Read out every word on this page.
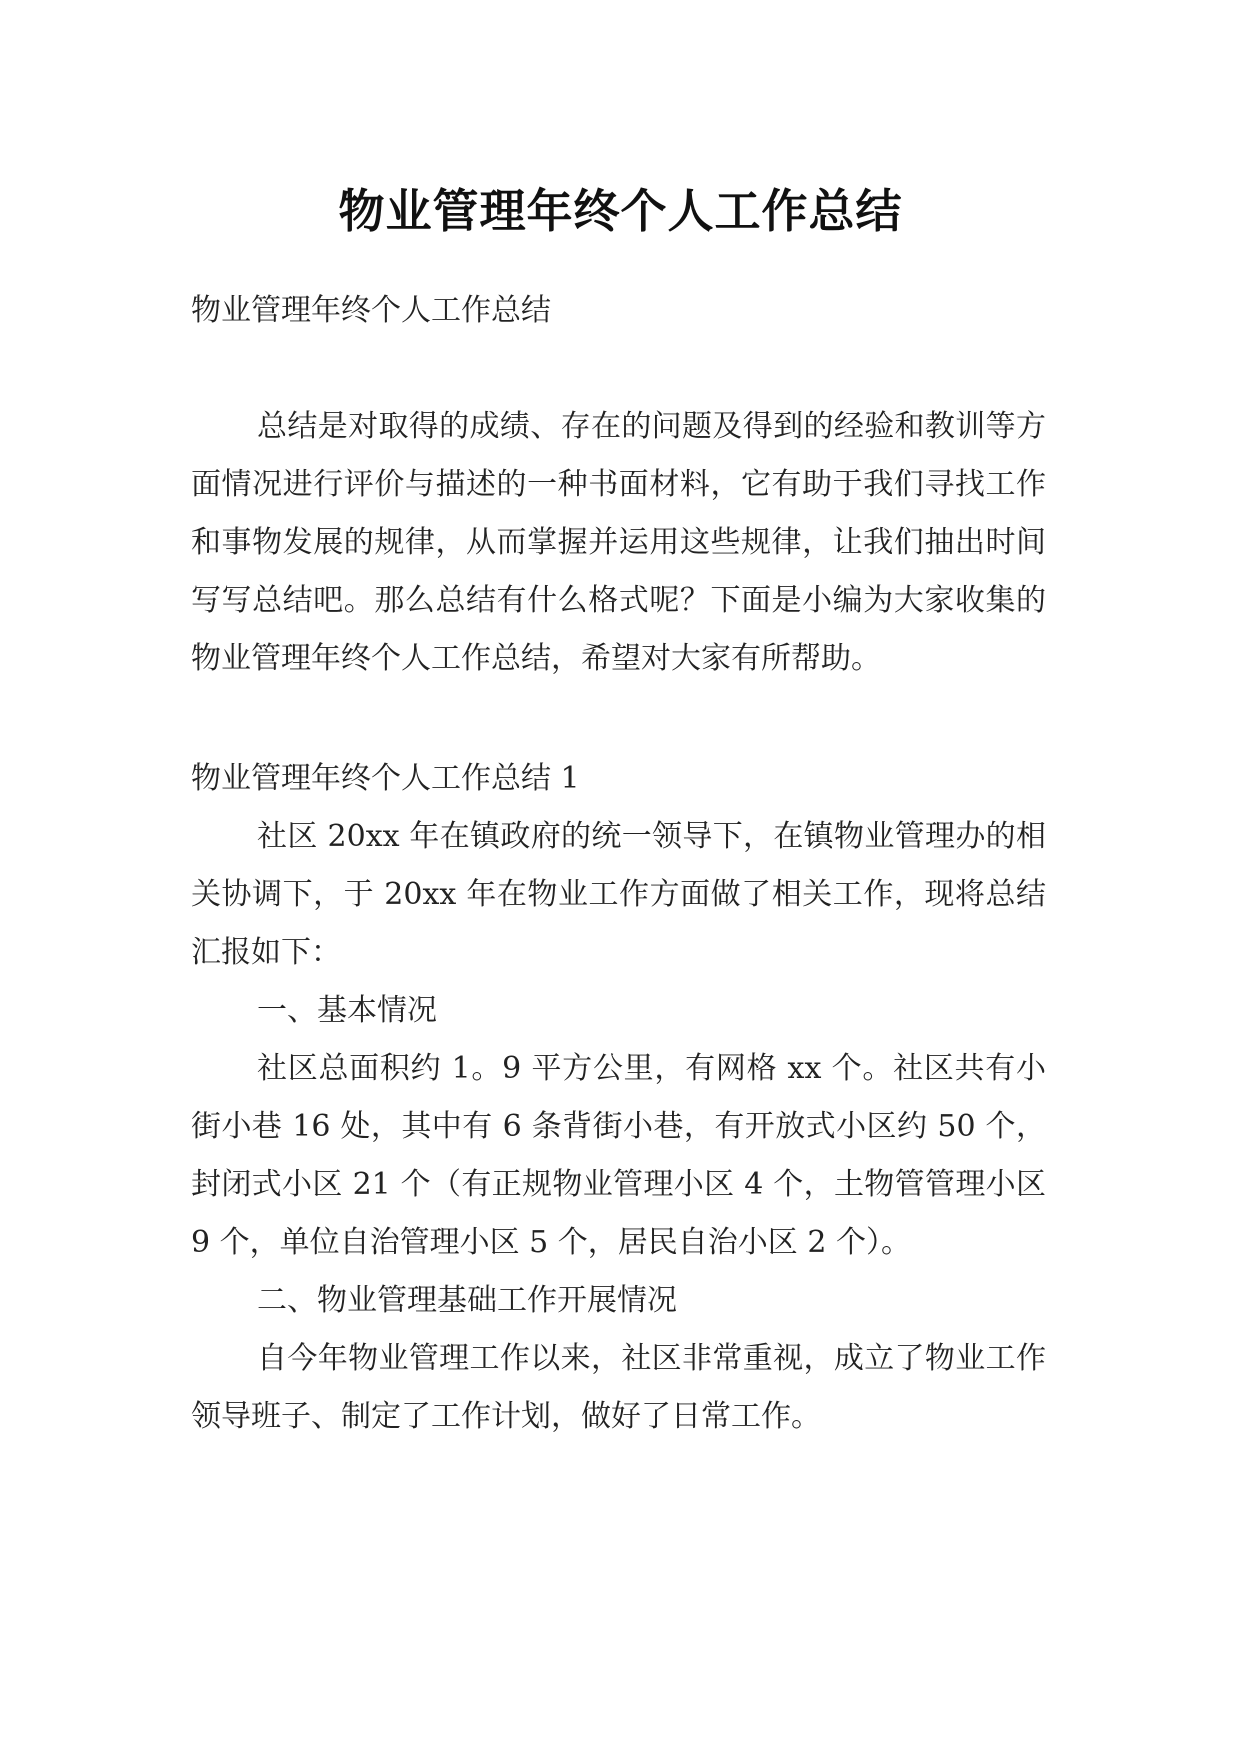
物业管理年终个人工作总结

物业管理年终个人工作总结

总结是对取得的成绩、存在的问题及得到的经验和教训等方面情况进行评价与描述的一种书面材料，它有助于我们寻找工作和事物发展的规律，从而掌握并运用这些规律，让我们抽出时间写写总结吧。那么总结有什么格式呢？下面是小编为大家收集的物业管理年终个人工作总结，希望对大家有所帮助。

物业管理年终个人工作总结 1

社区 20xx 年在镇政府的统一领导下，在镇物业管理办的相关协调下，于 20xx 年在物业工作方面做了相关工作，现将总结汇报如下：

一、基本情况

社区总面积约 1。9 平方公里，有网格 xx 个。社区共有小街小巷 16 处，其中有 6 条背街小巷，有开放式小区约 50 个，封闭式小区 21 个（有正规物业管理小区 4 个，土物管管理小区 9 个，单位自治管理小区 5 个，居民自治小区 2 个）。

二、物业管理基础工作开展情况

自今年物业管理工作以来，社区非常重视，成立了物业工作领导班子、制定了工作计划，做好了日常工作。
